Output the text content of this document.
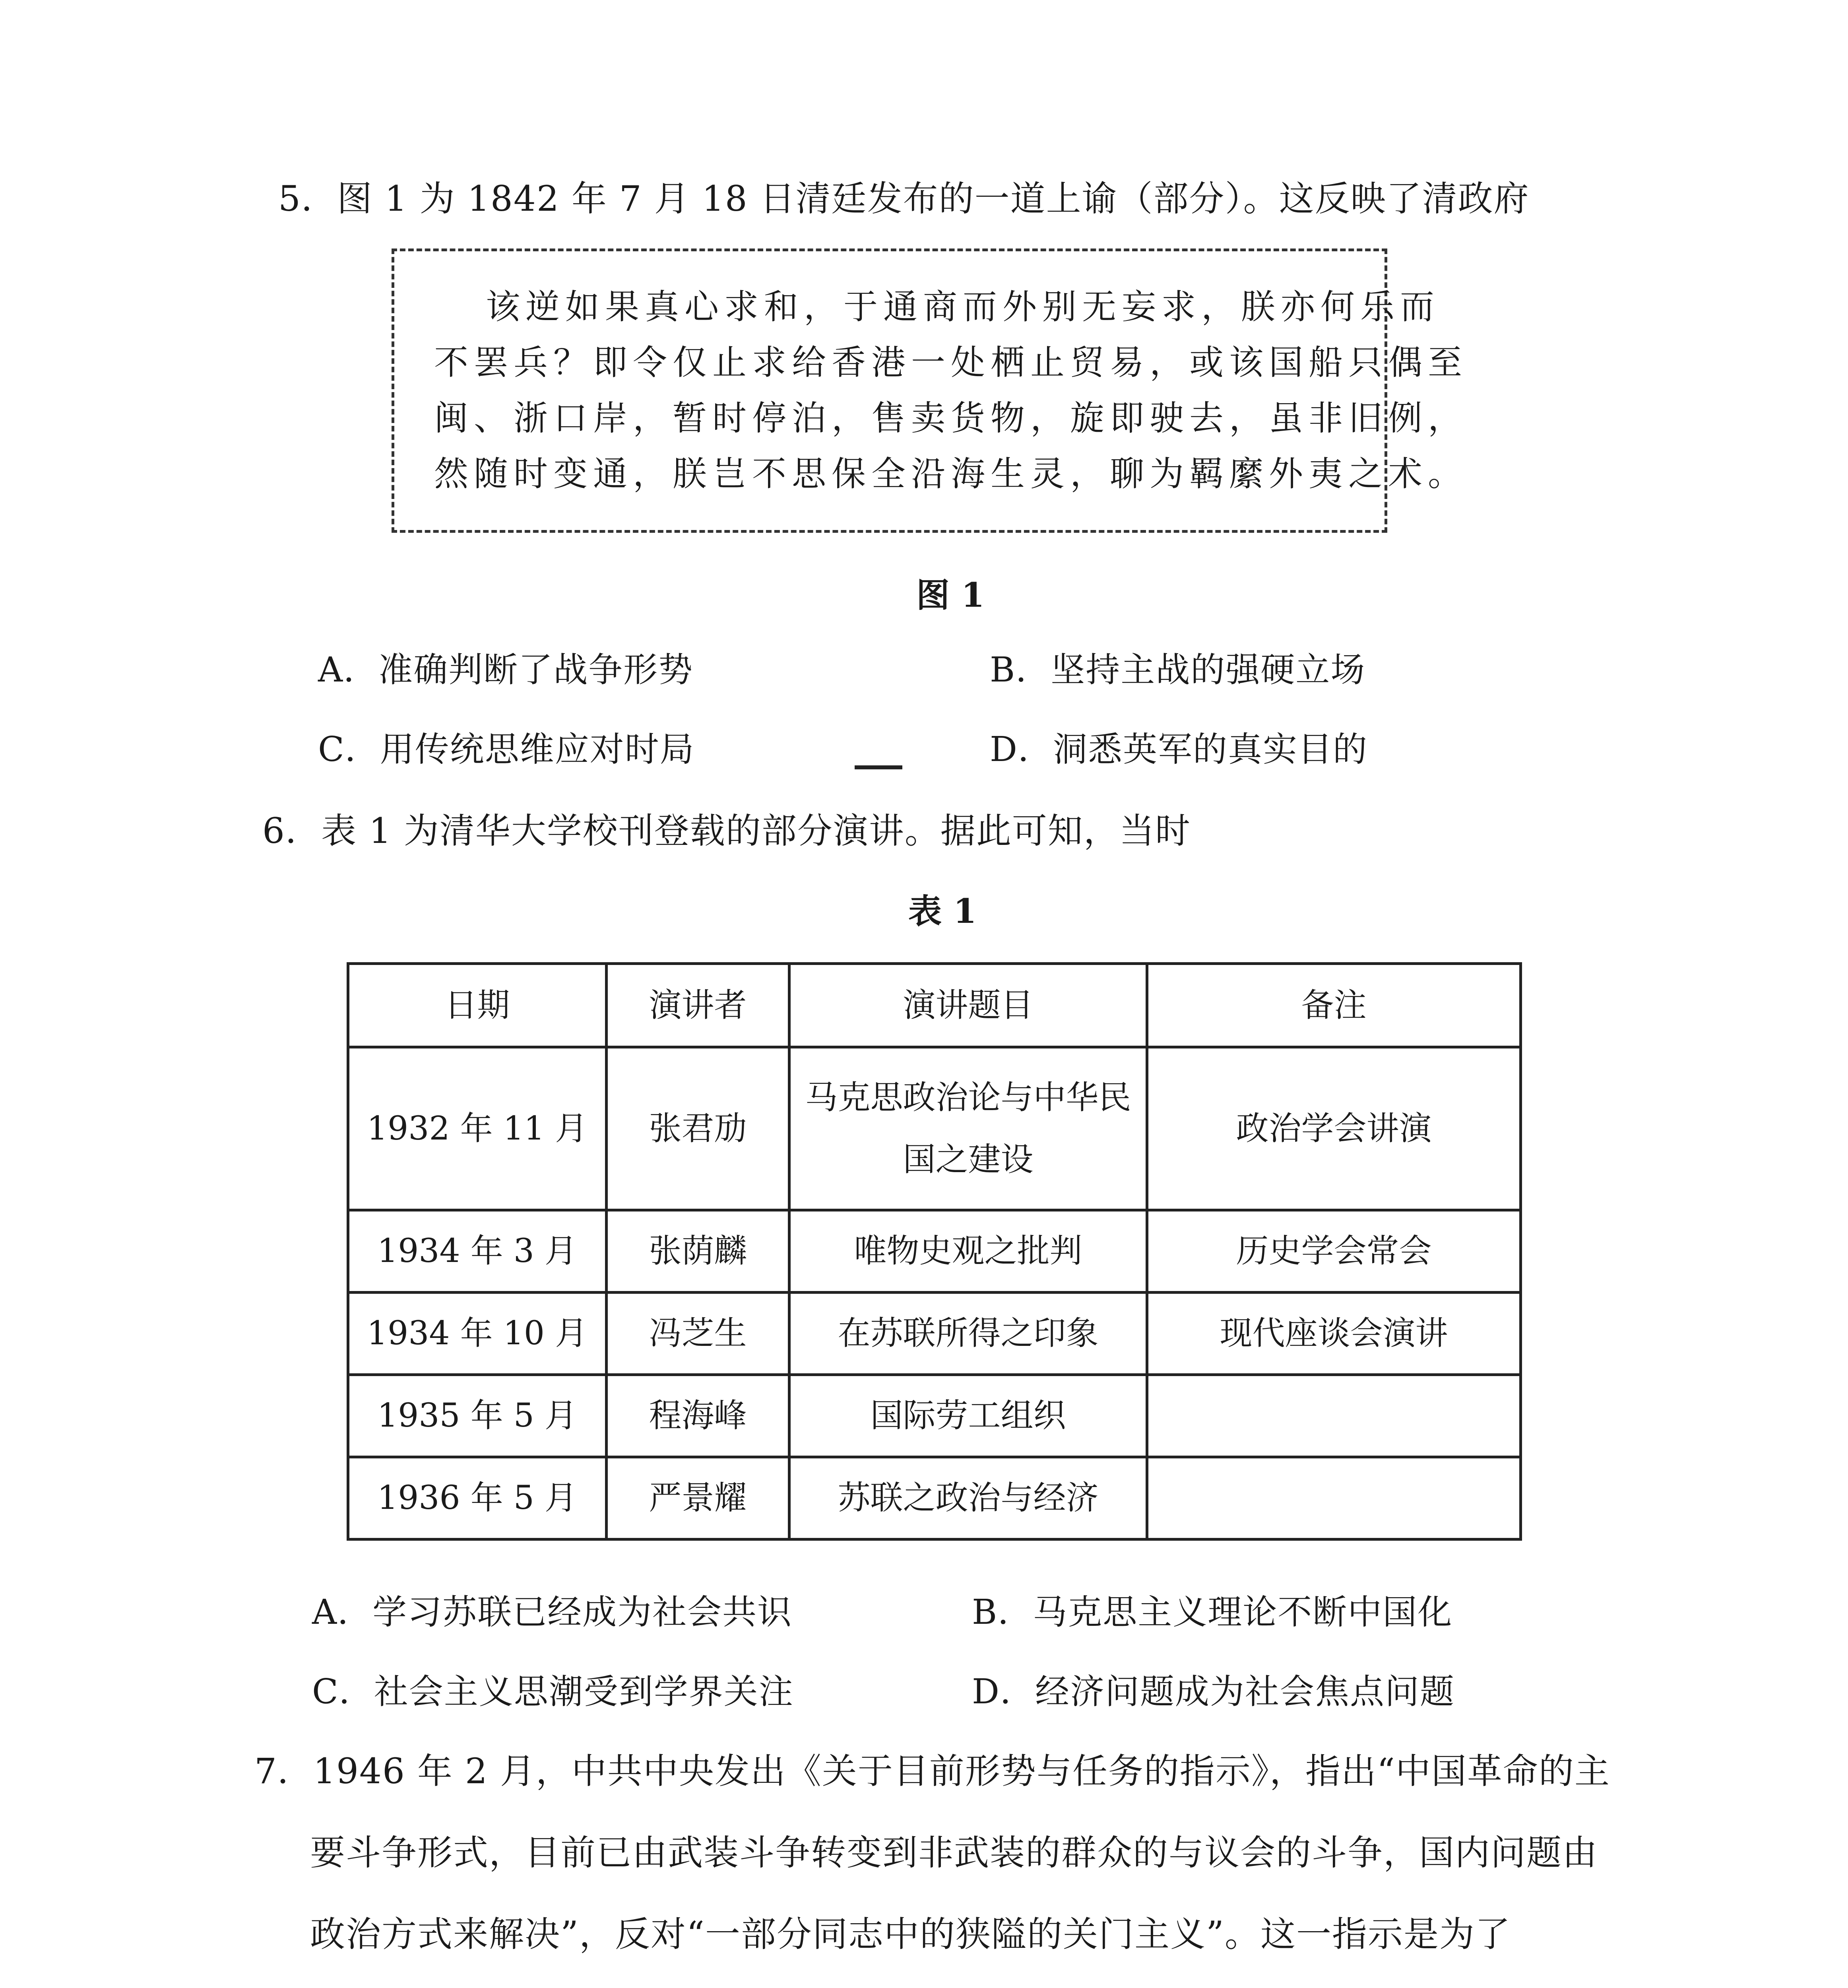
5．图 1 为 1842 年 7 月 18 日清廷发布的一道上谕（部分）。这反映了清政府
该逆如果真心求和，于通商而外别无妄求，朕亦何乐而
不罢兵？即令仅止求给香港一处栖止贸易，或该国船只偶至
闽、浙口岸，暂时停泊，售卖货物，旋即驶去，虽非旧例，
然随时变通，朕岂不思保全沿海生灵，聊为羁縻外夷之术。
图 1
A．准确判断了战争形势	B．坚持主战的强硬立场
C．用传统思维应对时局	D．洞悉英军的真实目的
6．表 1 为清华大学校刊登载的部分演讲。据此可知，当时
表 1
日期	演讲者	演讲题目	备注
1932 年 11 月	张君劢	马克思政治论与中华民国之建设	政治学会讲演
1934 年 3 月	张荫麟	唯物史观之批判	历史学会常会
1934 年 10 月	冯芝生	在苏联所得之印象	现代座谈会演讲
1935 年 5 月	程海峰	国际劳工组织	
1936 年 5 月	严景耀	苏联之政治与经济	
A．学习苏联已经成为社会共识	B．马克思主义理论不断中国化
C．社会主义思潮受到学界关注	D．经济问题成为社会焦点问题
7．1946 年 2 月，中共中央发出《关于目前形势与任务的指示》，指出“中国革命的主
要斗争形式，目前已由武装斗争转变到非武装的群众的与议会的斗争，国内问题由
政治方式来解决”，反对“一部分同志中的狭隘的关门主义”。这一指示是为了
